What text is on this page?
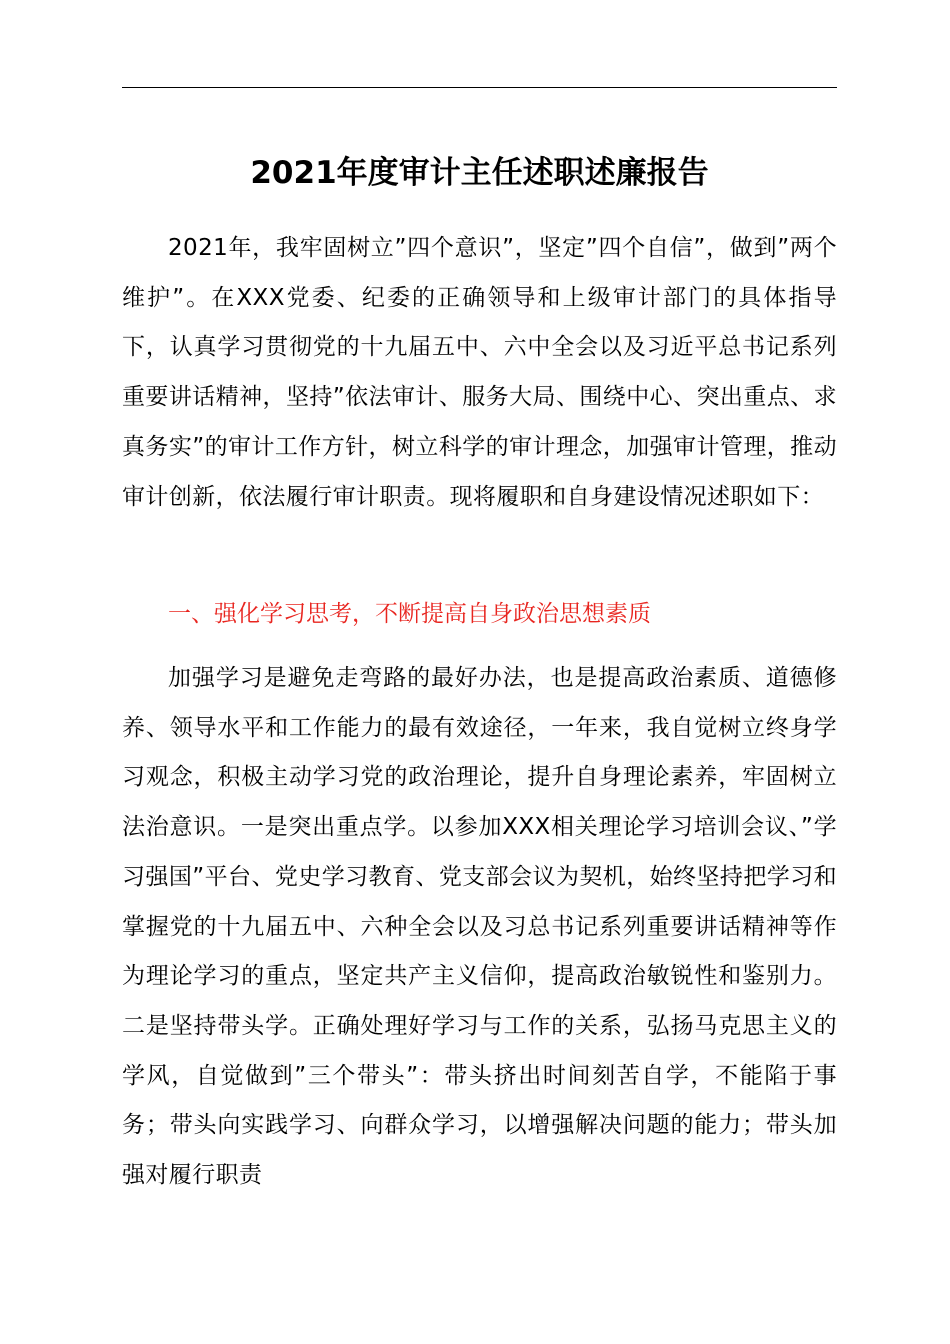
2021年度审计主任述职述廉报告

2021年，我牢固树立”四个意识”，坚定”四个自信”，做到”两个维护”。在XXX党委、纪委的正确领导和上级审计部门的具体指导下，认真学习贯彻党的十九届五中、六中全会以及习近平总书记系列重要讲话精神，坚持”依法审计、服务大局、围绕中心、突出重点、求真务实”的审计工作方针，树立科学的审计理念，加强审计管理，推动审计创新，依法履行审计职责。现将履职和自身建设情况述职如下：

一、强化学习思考，不断提高自身政治思想素质

加强学习是避免走弯路的最好办法，也是提高政治素质、道德修养、领导水平和工作能力的最有效途径，一年来，我自觉树立终身学习观念，积极主动学习党的政治理论，提升自身理论素养，牢固树立法治意识。一是突出重点学。以参加XXX相关理论学习培训会议、”学习强国”平台、党史学习教育、党支部会议为契机，始终坚持把学习和掌握党的十九届五中、六种全会以及习总书记系列重要讲话精神等作为理论学习的重点，坚定共产主义信仰，提高政治敏锐性和鉴别力。二是坚持带头学。正确处理好学习与工作的关系，弘扬马克思主义的学风，自觉做到”三个带头”：带头挤出时间刻苦自学，不能陷于事务；带头向实践学习、向群众学习，以增强解决问题的能力；带头加强对履行职责
